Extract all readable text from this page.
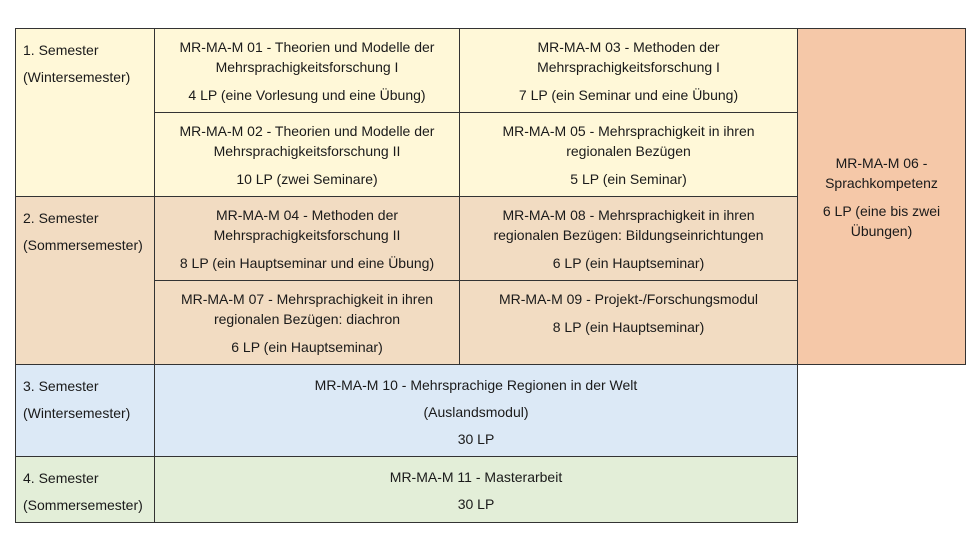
1. Semester
(Wintersemester)
2. Semester
(Sommersemester)
3. Semester
(Wintersemester)
4. Semester
(Sommersemester)
MR-MA-M 01 - Theorien und Modelle der
Mehrsprachigkeitsforschung I
4 LP (eine Vorlesung und eine Übung)
MR-MA-M 03 - Methoden der
Mehrsprachigkeitsforschung I
7 LP (ein Seminar und eine Übung)
MR-MA-M 02 - Theorien und Modelle der
Mehrsprachigkeitsforschung II
10 LP (zwei Seminare)
MR-MA-M 05 - Mehrsprachigkeit in ihren
regionalen Bezügen
5 LP (ein Seminar)
MR-MA-M 04 - Methoden der
Mehrsprachigkeitsforschung II
8 LP (ein Hauptseminar und eine Übung)
MR-MA-M 08 - Mehrsprachigkeit in ihren
regionalen Bezügen: Bildungseinrichtungen
6 LP (ein Hauptseminar)
MR-MA-M 07 - Mehrsprachigkeit in ihren
regionalen Bezügen: diachron
6 LP (ein Hauptseminar)
MR-MA-M 09 - Projekt-/Forschungsmodul
8 LP (ein Hauptseminar)
MR-MA-M 06 -
Sprachkompetenz
6 LP (eine bis zwei
Übungen)
MR-MA-M 10 - Mehrsprachige Regionen in der Welt
(Auslandsmodul)
30 LP
MR-MA-M 11 - Masterarbeit
30 LP
